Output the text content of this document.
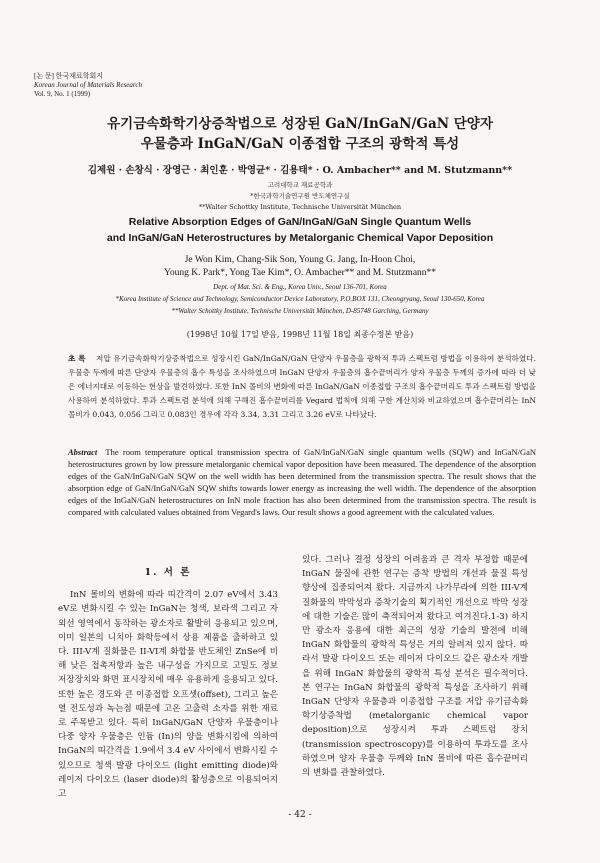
[논 문] 한국재료학회지
Korean Journal of Materials Research
Vol. 9, No. 1 (1999)
유기금속화학기상증착법으로 성장된 GaN/InGaN/GaN 단양자
우물층과 InGaN/GaN 이종접합 구조의 광학적 특성
김제원 · 손창식 · 장영근 · 최인훈 · 박영균* · 김용태* · O. Ambacher** and M. Stutzmann**
고려대학교 재료공학과
*한국과학기술연구원 반도체연구실
**Walter Schottky Institute, Technische Universität München
Relative Absorption Edges of GaN/InGaN/GaN Single Quantum Wells
and InGaN/GaN Heterostructures by Metalorganic Chemical Vapor Deposition
Je Won Kim, Chang-Sik Son, Young G. Jang, In-Hoon Choi,
Young K. Park*, Yong Tae Kim*, O. Ambacher** and M. Stutzmann**
Dept. of Mat. Sci. & Eng., Korea Univ., Seoul 136-701, Korea
*Korea Institute of Science and Technology, Semiconductor Device Laboratory, P.O.BOX 131, Cheongryang, Seoul 130-650, Korea
**Walter Schottky Institute, Technische Universität München, D-85748 Garching, Germany
(1998년 10월 17일 받음, 1998년 11월 18일 최종수정본 받음)
초 록 저압 유기금속화학기상증착법으로 성장시킨 GaN/InGaN/GaN 단양자 우물층을 광학적 투과 스펙트럼 방법을 이용하여 분석하였다. 우물층 두께에 따른 단양자 우물층의 흡수 특성을 조사하였으며 InGaN 단양자 우물층의 흡수끝머리가 양자 우물층 두께의 증가에 따라 더 낮은 에너지대로 이동하는 현상을 발견하였다. 또한 InN 몰비의 변화에 따른 InGaN/GaN 이종접합 구조의 흡수끝머리도 투과 스펙트럼 방법을 사용하여 분석하였다. 투과 스펙트럼 분석에 의해 구해진 흡수끝머리를 Vegard 법칙에 의해 구한 계산치와 비교하였으며 흡수끝머리는 InN 몰비가 0.043, 0.056 그리고 0.083인 경우에 각각 3.34, 3.31 그리고 3.26 eV로 나타났다.
Abstract The room temperature optical transmission spectra of GaN/InGaN/GaN single quantum wells (SQW) and InGaN/GaN heterostructures grown by low pressure metalorganic chemical vapor deposition have been measured. The dependence of the absorption edges of the GaN/InGaN/GaN SQW on the well width has been determined from the transmission spectra. The result shows that the absorption edge of GaN/InGaN/GaN SQW shifts towards lower energy as increasing the well width. The dependence of the absorption edges of the InGaN/GaN heterostructures on InN mole fraction has also been determined from the transmission spectra. The result is compared with calculated values obtained from Vegard's laws. Our result shows a good agreement with the calculated values.
1. 서 론

InN 몰비의 변화에 따라 띠간격이 2.07 eV에서 3.43 eV로 변화시킬 수 있는 InGaN는 청색, 보라색 그리고 자외선 영역에서 동작하는 광소자로 활발히 응용되고 있으며, 이미 일본의 니치아 화학등에서 상용 제품을 출하하고 있다. III-V계 질화물은 II-VI계 화합물 반도체인 ZnSe에 비해 낮은 접촉저항과 높은 내구성을 가지므로 고밀도 정보 저장장치와 화면 표시장치에 매우 유용하게 응용되고 있다. 또한 높은 경도와 큰 이종접합 오프셋(offset), 그리고 높은 열 전도성과 녹는점 때문에 고온 고출력 소자를 위한 재료로 주목받고 있다. 특히 InGaN/GaN 단양자 우물층이나 다중 양자 우물층은 인듐 (In)의 양을 변화시킴에 의하여 InGaN의 띠간격을 1.9에서 3.4 eV 사이에서 변화시킬 수 있으므로 청색 발광 다이오드 (light emitting diode)와 레이저 다이오드 (laser diode)의 활성층으로 이용되어지고

있다. 그러나 결정 성장의 어려움과 큰 격자 부정합 때문에 InGaN 물질에 관한 연구는 증착 방법의 개선과 물질 특성 향상에 집중되어져 왔다. 지금까지 나가무라에 의한 III-V계 질화물의 박막성과 증착기술의 획기적인 개선으로 박막 성장에 대한 기술은 많이 축적되어져 왔다고 여겨진다.1-3) 하지만 광소자 응용에 대한 최근의 성장 기술의 발전에 비해 InGaN 화합물의 광학적 특성은 거의 알려져 있지 않다. 따라서 발광 다이오드 또는 레이저 다이오드 같은 광소자 개발을 위해 InGaN 화합물의 광학적 특성 분석은 필수적이다. 본 연구는 InGaN 화합물의 광학적 특성을 조사하기 위해 InGaN 단양자 우물층과 이종접합 구조를 저압 유기금속화학기상증착법 (metalorganic chemical vapor deposition)으로 성장시켜 투과 스펙트럼 장치 (transmission spectroscopy)를 이용하여 투과도를 조사하였으며 양자 우물층 두께와 InN 몰비에 따른 흡수끝머리의 변화를 관찰하였다.

- 42 -
